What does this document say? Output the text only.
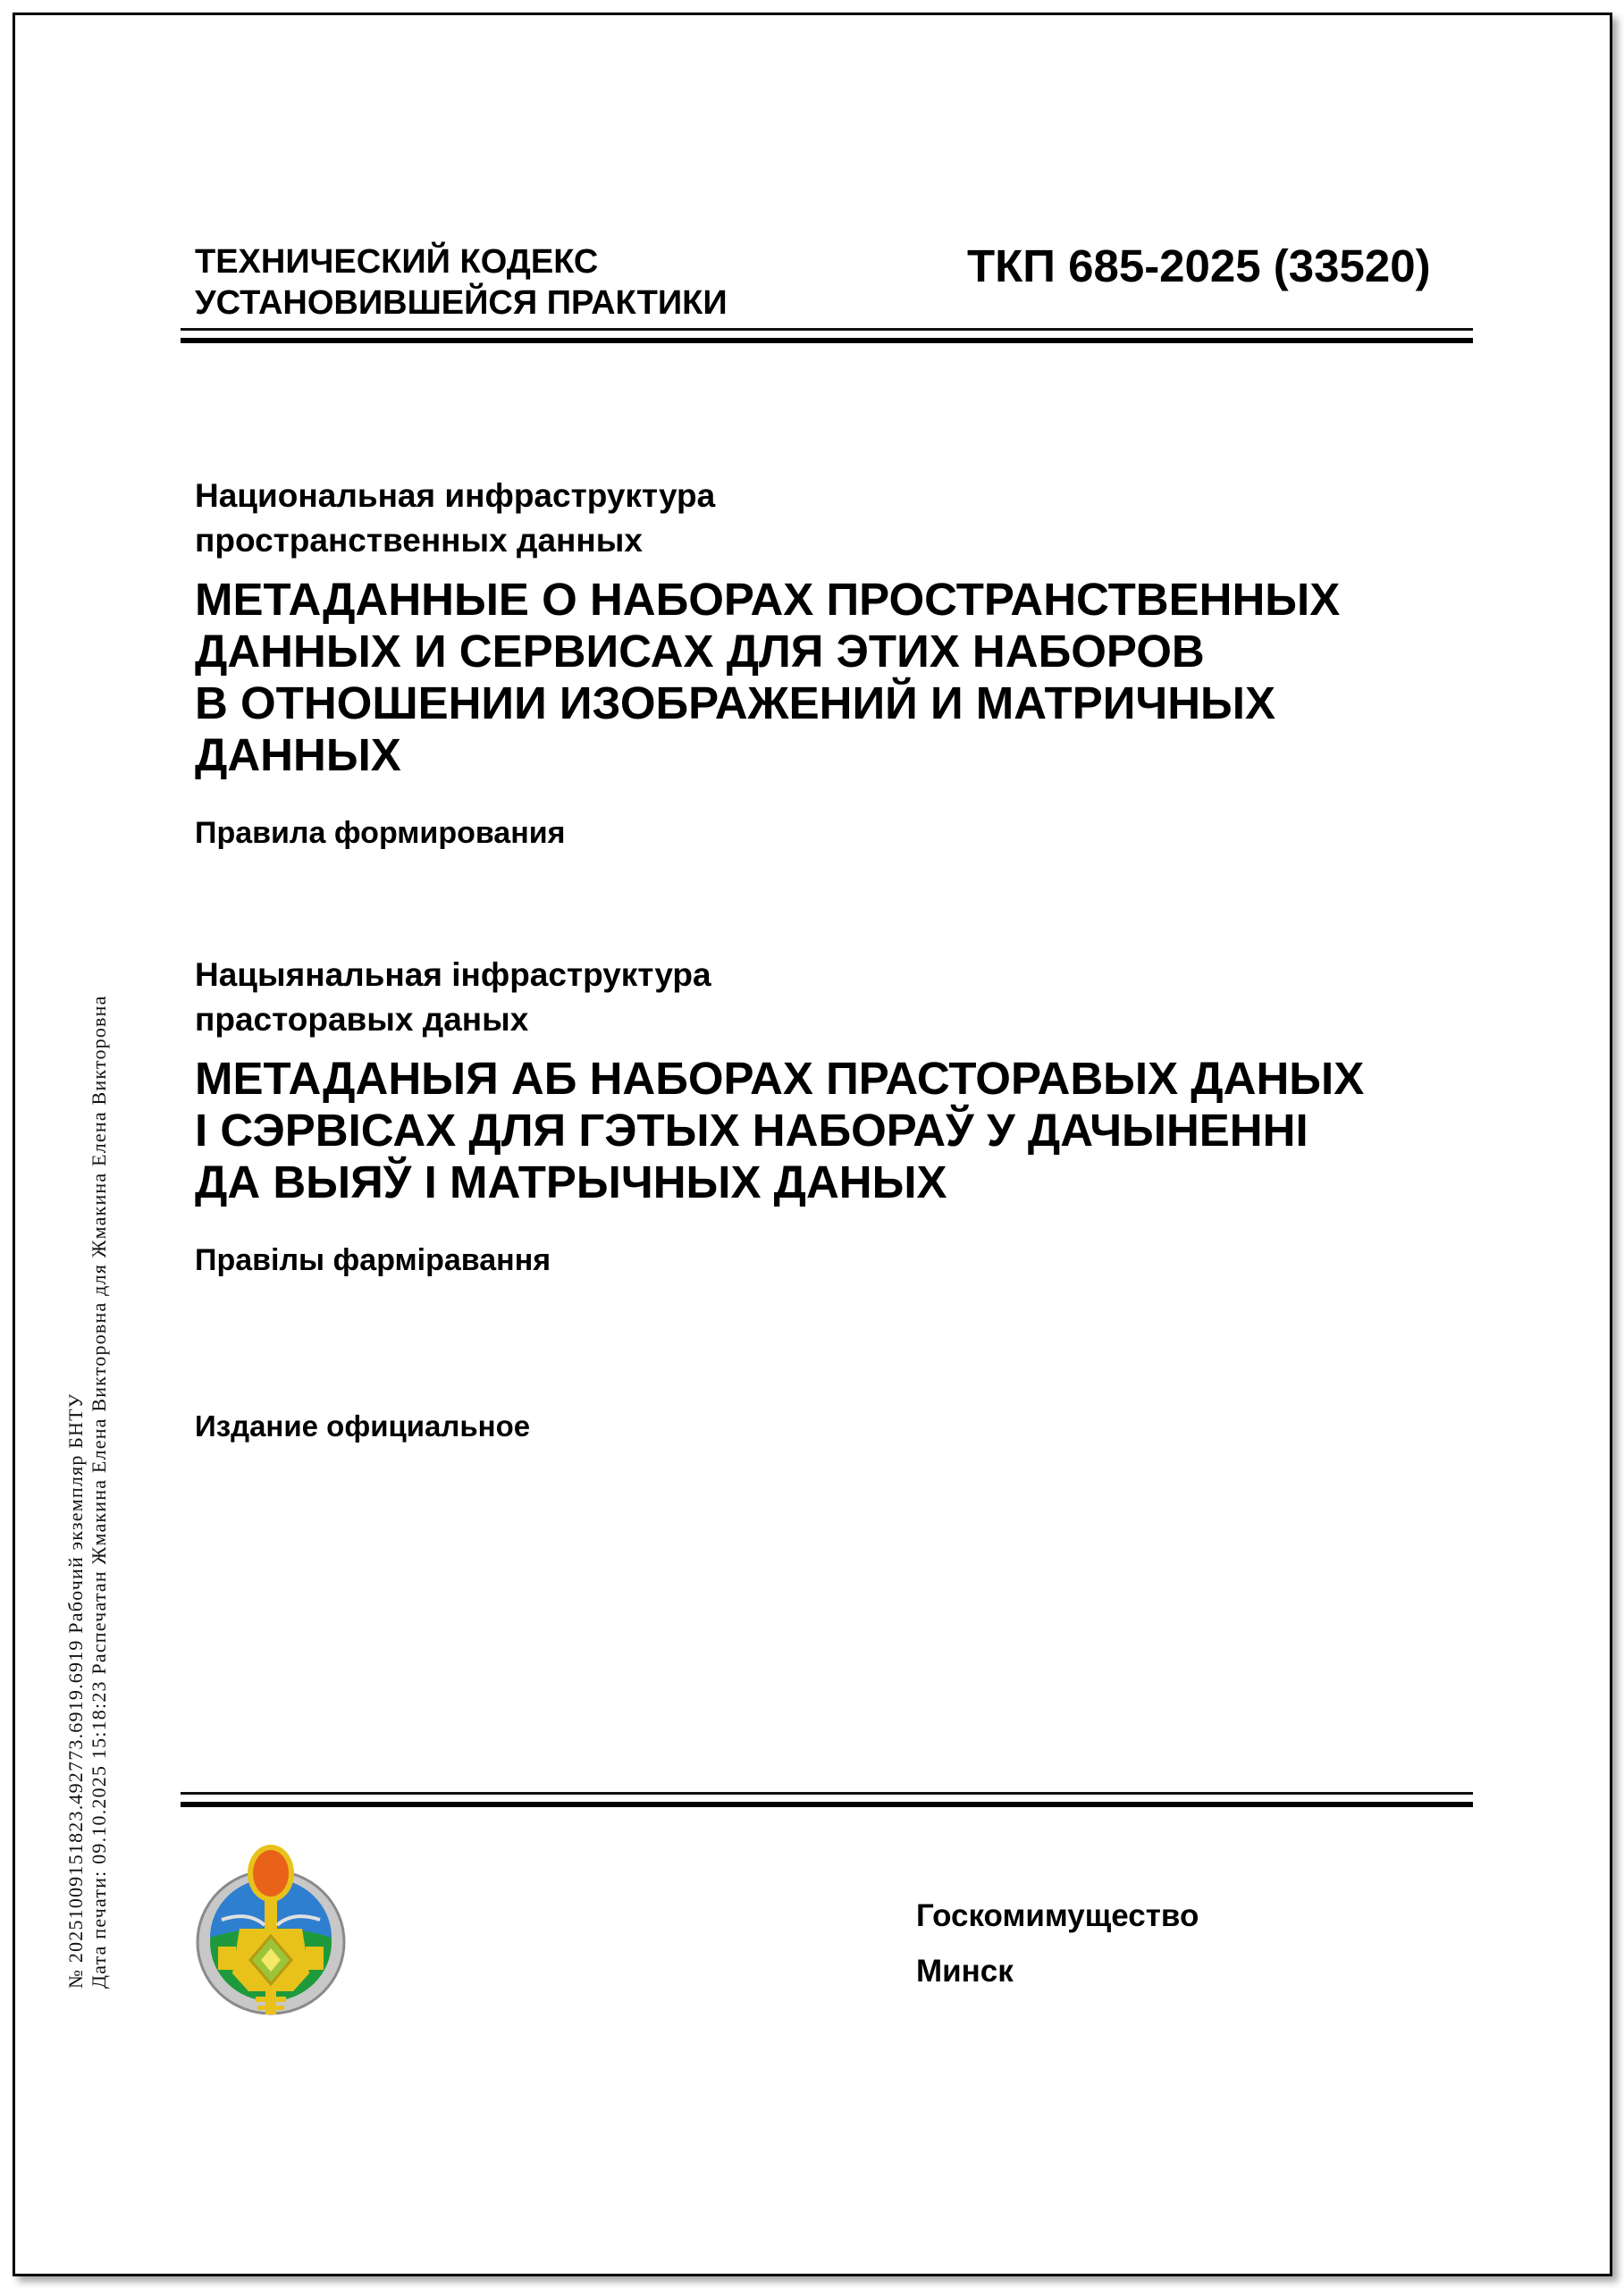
ТЕХНИЧЕСКИЙ КОДЕКС
УСТАНОВИВШЕЙСЯ ПРАКТИКИ
ТКП 685-2025 (33520)
Национальная инфраструктура
пространственных данных
МЕТАДАННЫЕ О НАБОРАХ ПРОСТРАНСТВЕННЫХ
ДАННЫХ И СЕРВИСАХ ДЛЯ ЭТИХ НАБОРОВ
В ОТНОШЕНИИ ИЗОБРАЖЕНИЙ И МАТРИЧНЫХ
ДАННЫХ
Правила формирования
Нацыянальная інфраструктура
прасторавых даных
МЕТАДАНЫЯ АБ НАБОРАХ ПРАСТОРАВЫХ ДАНЫХ
І СЭРВІСАХ ДЛЯ ГЭТЫХ НАБОРАЎ У ДАЧЫНЕННІ
ДА ВЫЯЎ І МАТРЫЧНЫХ ДАНЫХ
Правілы фарміравання
Издание официальное
№ 20251009151823.492773.6919.6919 Рабочий экземпляр БНТУ Дата печати: 09.10.2025 15:18:23 Распечатан Жмакина Елена Викторовна для Жмакина Елена Викторовна	Госкомимущество
Минск
